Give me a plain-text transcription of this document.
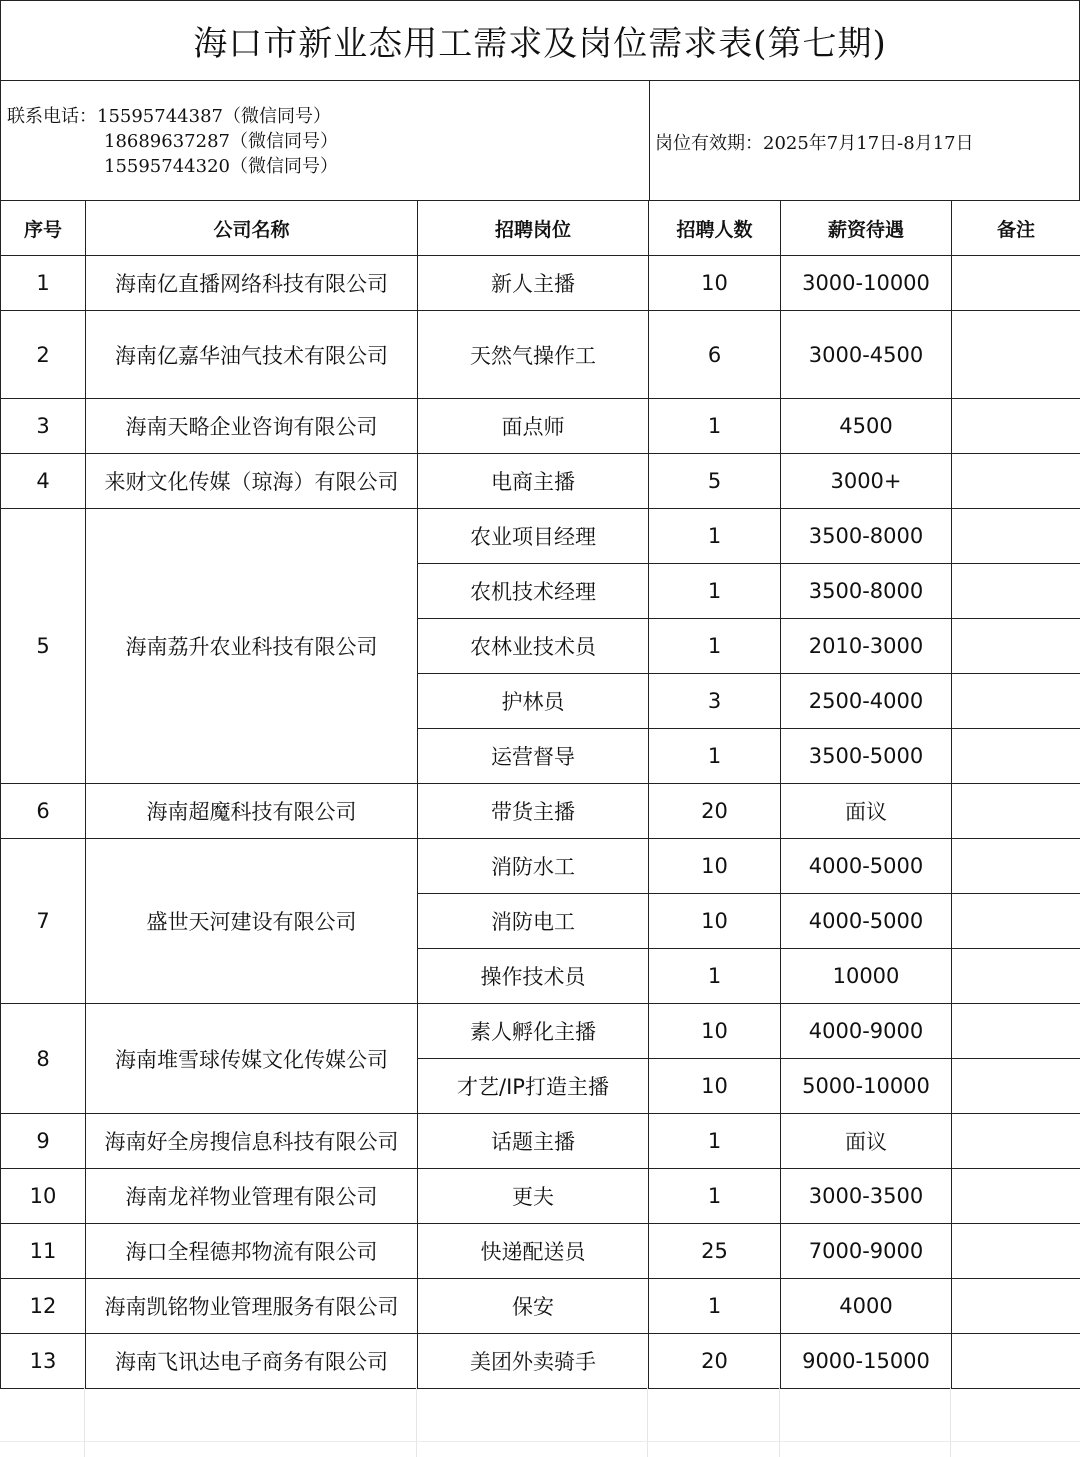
海口市新业态用工需求及岗位需求表(第七期)
联系电话：15595744387（微信同号）
18689637287（微信同号）
15595744320（微信同号）
岗位有效期：2025年7月17日-8月17日
序号	公司名称	招聘岗位	招聘人数	薪资待遇	备注
1	海南亿直播网络科技有限公司	新人主播	10	3000-10000	
2	海南亿嘉华油气技术有限公司	天然气操作工	6	3000-4500	
3	海南天略企业咨询有限公司	面点师	1	4500	
4	来财文化传媒（琼海）有限公司	电商主播	5	3000+	
5	海南荔升农业科技有限公司	农业项目经理	1	3500-8000	
		农机技术经理	1	3500-8000	
		农林业技术员	1	2010-3000	
		护林员	3	2500-4000	
		运营督导	1	3500-5000	
6	海南超魔科技有限公司	带货主播	20	面议	
7	盛世天河建设有限公司	消防水工	10	4000-5000	
		消防电工	10	4000-5000	
		操作技术员	1	10000	
8	海南堆雪球传媒文化传媒公司	素人孵化主播	10	4000-9000	
		才艺/IP打造主播	10	5000-10000	
9	海南好全房搜信息科技有限公司	话题主播	1	面议	
10	海南龙祥物业管理有限公司	更夫	1	3000-3500	
11	海口全程德邦物流有限公司	快递配送员	25	7000-9000	
12	海南凯铭物业管理服务有限公司	保安	1	4000	
13	海南飞讯达电子商务有限公司	美团外卖骑手	20	9000-15000	
